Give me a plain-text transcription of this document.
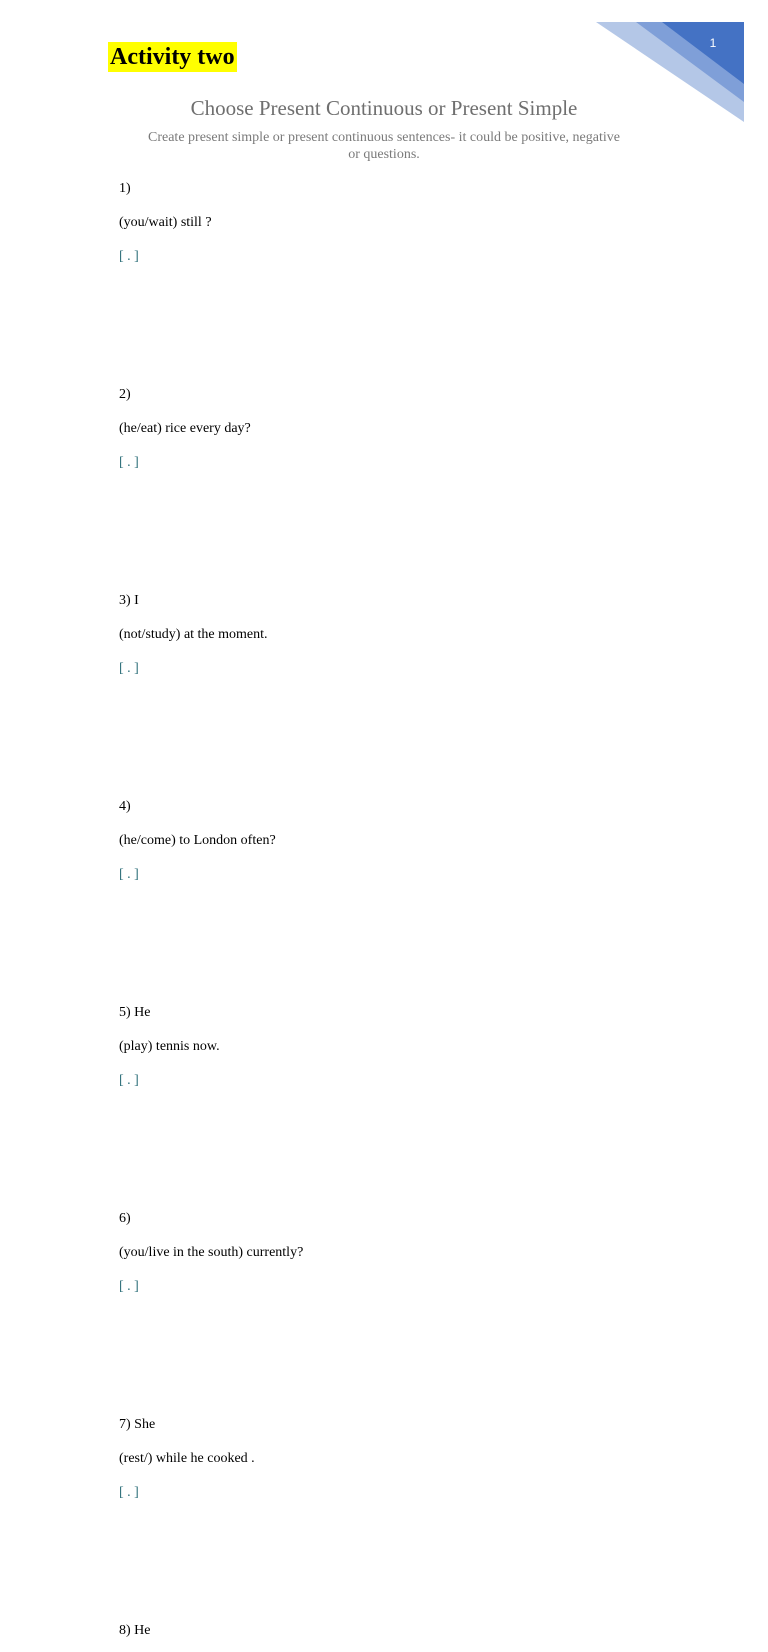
1
Activity two
Choose Present Continuous or Present Simple

Create present simple or present continuous sentences- it could be positive, negative
or questions.

1)
(you/wait) still ?
[ . ]
2)
(he/eat) rice every day?
[ . ]
3) I
(not/study) at the moment.
[ . ]
4)
(he/come) to London often?
[ . ]
5) He
(play) tennis now.
[ . ]
6)
(you/live in the south) currently?
[ . ]
7) She
(rest/) while he cooked .
[ . ]
8) He
